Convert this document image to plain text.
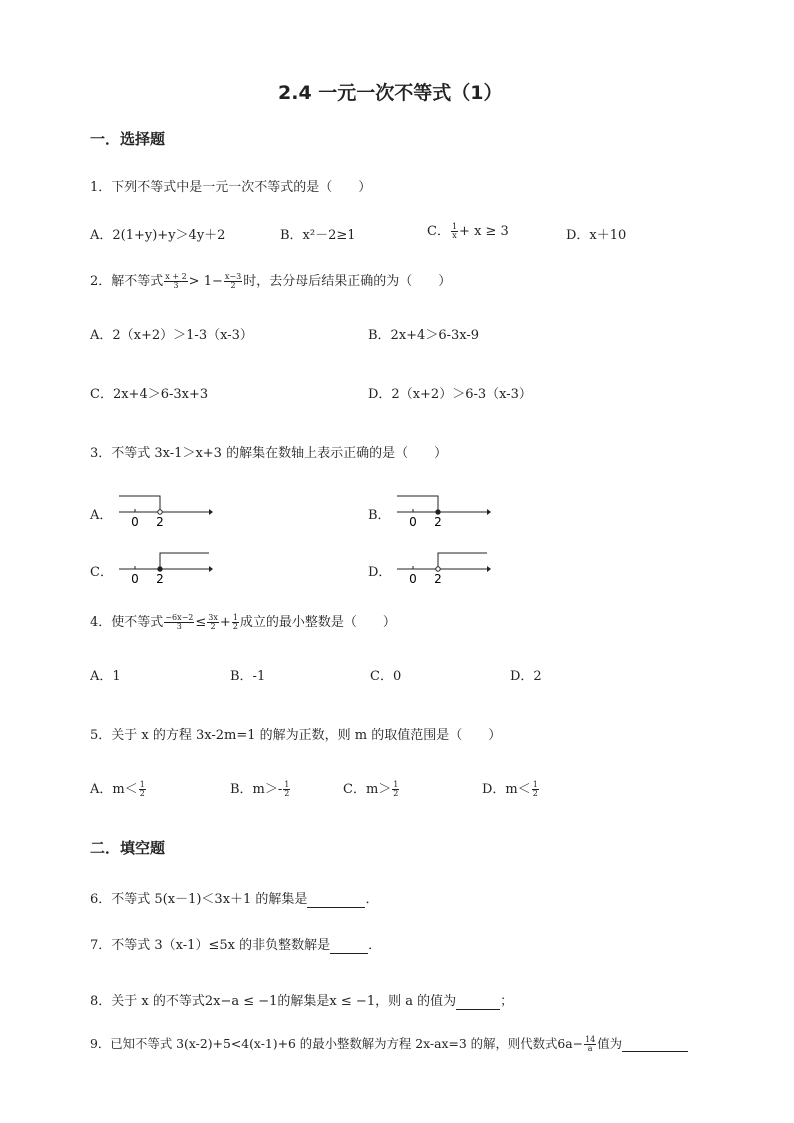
2.4 一元一次不等式（1）
一．选择题
1．下列不等式中是一元一次不等式的是（　　）
A．2(1+y)+y＞4y＋2	B．x²－2≥1	C． $\frac{1}{x} + x \ge 3$	D．x＋10
2．解不等式 $\frac{x + 2}{3} > 1- \frac{x-3}{2}$ 时，去分母后结果正确的为（　　）
A．2（x+2）＞1-3（x-3）	B．2x+4＞6-3x-9
C．2x+4＞6-3x+3	D．2（x+2）＞6-3（x-3）
3．不等式 3x-1＞x+3 的解集在数轴上表示正确的是（　　）
A． 0 2	B． 0 2
C． 0 2	D． 0 2
4．使不等式 $\frac{-6x-2}{3} \le \frac{3x}{2} + \frac{1}{2}$ 成立的最小整数是（　　）
A．1	B．-1	C．0	D．2
5．关于 x 的方程 3x-2m=1 的解为正数，则 m 的取值范围是（　　）
A．$m< \frac{1}{2}$	B．$m>- \frac{1}{2}$	C．$m> \frac{1}{2}$	D．$m< \frac{1}{2}$
二．填空题
6．不等式 5(x－1)＜3x＋1 的解集是	．
7．不等式 3（x-1）≤5x 的非负整数解是	．
8．关于 x 的不等式2x−a ≤ −1的解集是x ≤ −1，则 a 的值为	；
9．已知不等式 3(x-2)+5<4(x-1)+6 的最小整数解为方程 2x-ax=3 的解，则代数式$6a- \frac{14}{a}$ 值为
